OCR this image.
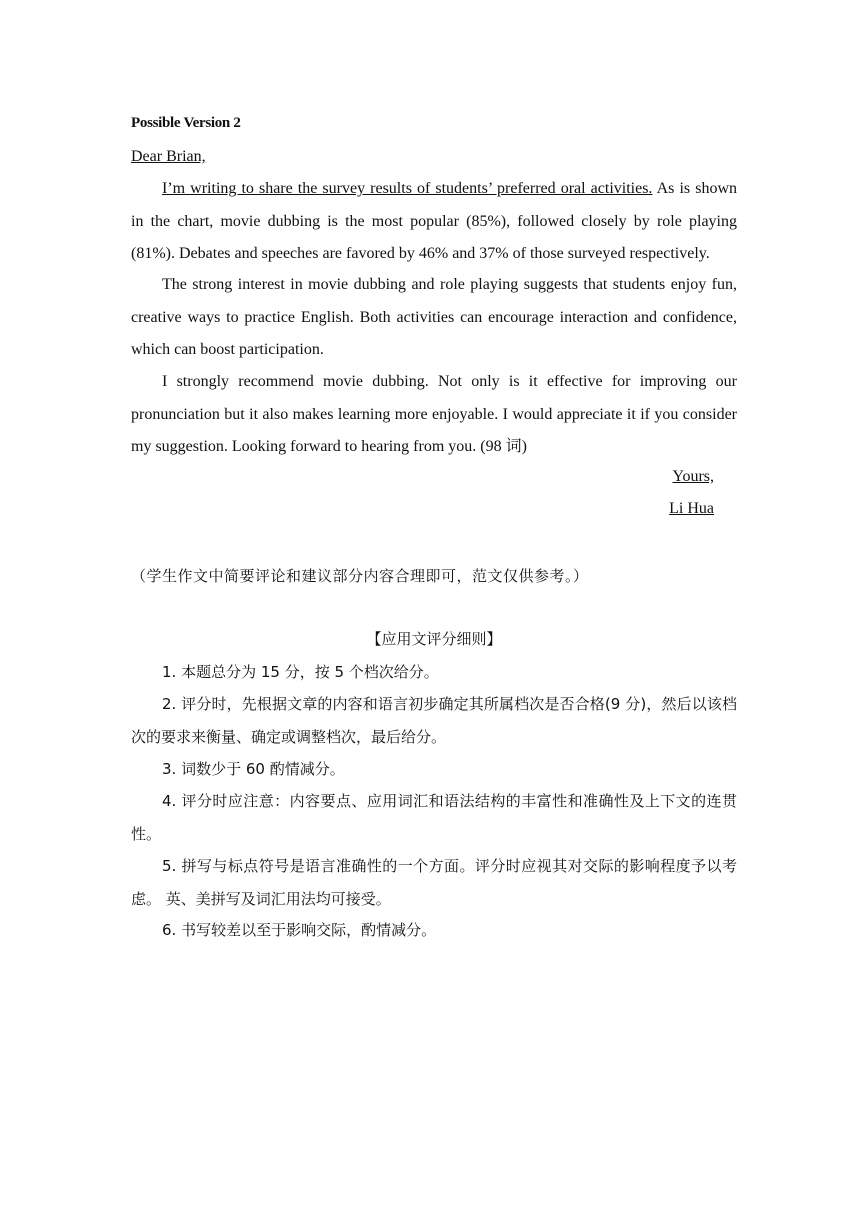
Possible Version 2
Dear Brian,

I’m writing to share the survey results of students’ preferred oral activities. As is shown in the chart, movie dubbing is the most popular (85%), followed closely by role playing (81%). Debates and speeches are favored by 46% and 37% of those surveyed respectively.

The strong interest in movie dubbing and role playing suggests that students enjoy fun, creative ways to practice English. Both activities can encourage interaction and confidence, which can boost participation.

I strongly recommend movie dubbing. Not only is it effective for improving our pronunciation but it also makes learning more enjoyable. I would appreciate it if you consider my suggestion. Looking forward to hearing from you. (98 词)

Yours,
Li Hua
（学生作文中简要评论和建议部分内容合理即可，范文仅供参考。）
【应用文评分细则】

1. 本题总分为 15 分，按 5 个档次给分。

2. 评分时，先根据文章的内容和语言初步确定其所属档次是否合格(9 分)，然后以该档次的要求来衡量、确定或调整档次，最后给分。

3. 词数少于 60 酌情减分。

4. 评分时应注意：内容要点、应用词汇和语法结构的丰富性和准确性及上下文的连贯性。

5. 拼写与标点符号是语言准确性的一个方面。评分时应视其对交际的影响程度予以考虑。 英、美拼写及词汇用法均可接受。

6. 书写较差以至于影响交际，酌情减分。
